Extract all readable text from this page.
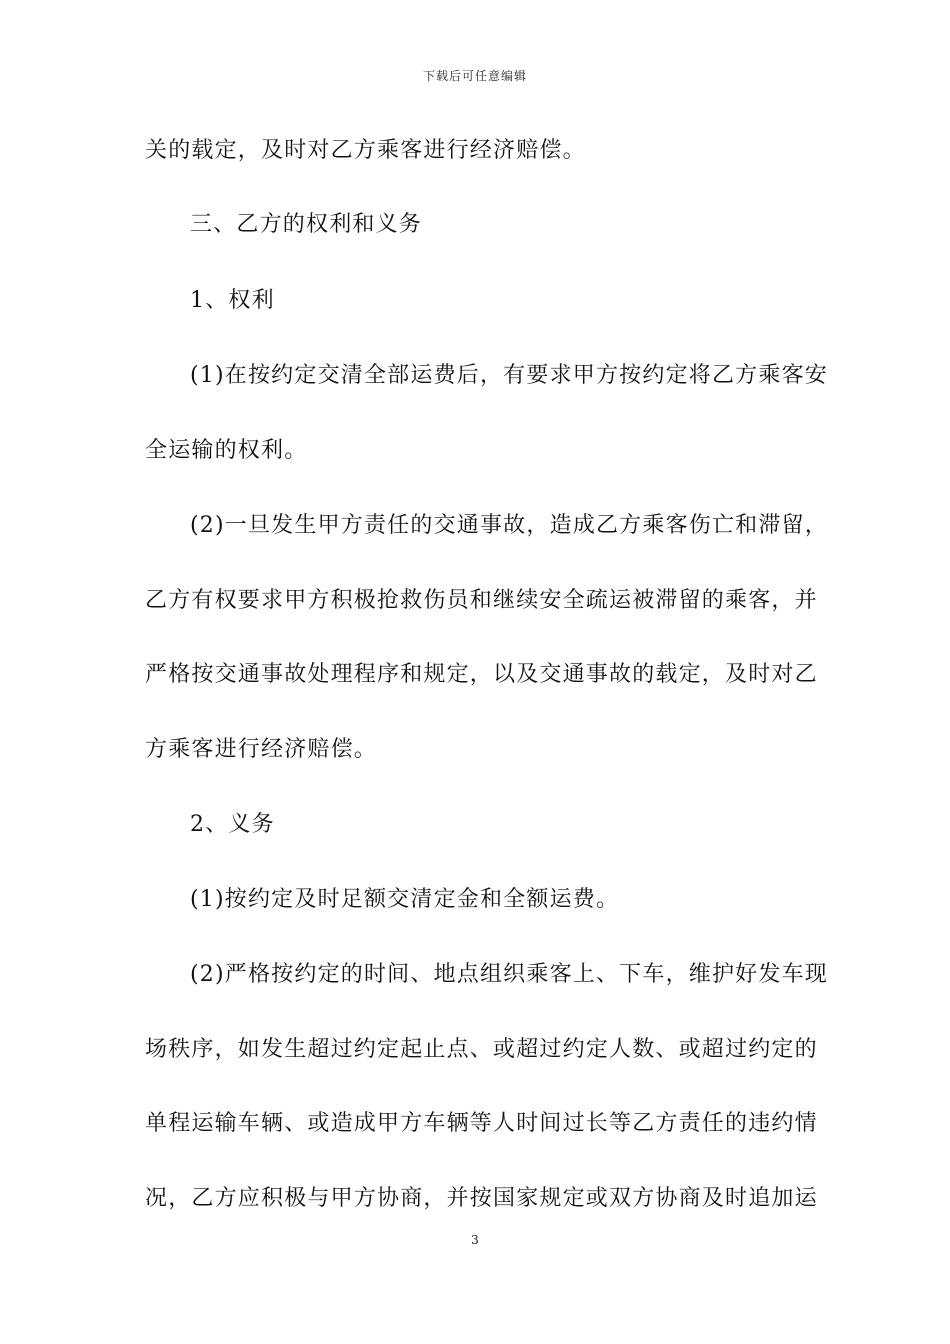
下载后可任意编辑
关的载定，及时对乙方乘客进行经济赔偿。
三、乙方的权利和义务
1、权利
(1)在按约定交清全部运费后，有要求甲方按约定将乙方乘客安
全运输的权利。
(2)一旦发生甲方责任的交通事故，造成乙方乘客伤亡和滞留，
乙方有权要求甲方积极抢救伤员和继续安全疏运被滞留的乘客，并
严格按交通事故处理程序和规定，以及交通事故的载定，及时对乙
方乘客进行经济赔偿。
2、义务
(1)按约定及时足额交清定金和全额运费。
(2)严格按约定的时间、地点组织乘客上、下车，维护好发车现
场秩序，如发生超过约定起止点、或超过约定人数、或超过约定的
单程运输车辆、或造成甲方车辆等人时间过长等乙方责任的违约情
况，乙方应积极与甲方协商，并按国家规定或双方协商及时追加运
3
